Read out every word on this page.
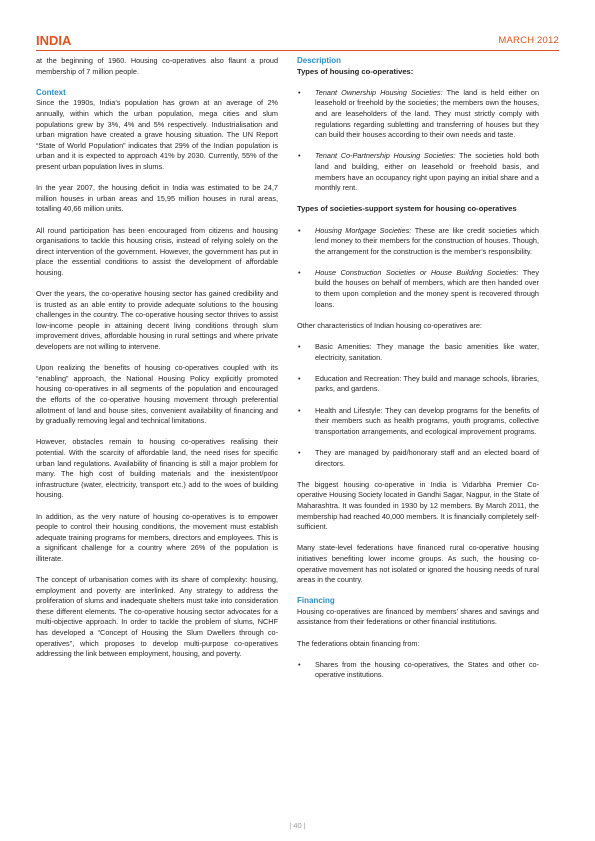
INDIA	MARCH 2012

at the beginning of 1960. Housing co-operatives also flaunt a proud membership of 7 million people.

Context

Since the 1990s, India’s population has grown at an average of 2% annually, within which the urban population, mega cities and slum populations grew by 3%, 4% and 5% respectively. Industrialisation and urban migration have created a grave housing situation. The UN Report “State of World Population” indicates that 29% of the Indian population is urban and it is expected to approach 41% by 2030. Currently, 55% of the present urban population lives in slums.

In the year 2007, the housing deficit in India was estimated to be 24,7 million houses in urban areas and 15,95 million houses in rural areas, totalling 40,66 million units.

All round participation has been encouraged from citizens and housing organisations to tackle this housing crisis, instead of relying solely on the direct intervention of the government. However, the government has put in place the essential conditions to assist the development of affordable housing.

Over the years, the co-operative housing sector has gained credibility and is trusted as an able entity to provide adequate solutions to the housing challenges in the country. The co-operative housing sector thrives to assist low-income people in attaining decent living conditions through slum improvement drives, affordable housing in rural settings and where private developers are not willing to intervene.

Upon realizing the benefits of housing co-operatives coupled with its “enabling” approach, the National Housing Policy explicitly promoted housing co-operatives in all segments of the population and encouraged the efforts of the co-operative housing movement through preferential allotment of land and house sites, convenient availability of financing and by gradually removing legal and technical limitations.

However, obstacles remain to housing co-operatives realising their potential. With the scarcity of affordable land, the need rises for specific urban land regulations. Availability of financing is still a major problem for many. The high cost of building materials and the inexistent/poor infrastructure (water, electricity, transport etc.) add to the woes of building housing.

In addition, as the very nature of housing co-operatives is to empower people to control their housing conditions, the movement must establish adequate training programs for members, directors and employees. This is a significant challenge for a country where 26% of the population is illiterate.

The concept of urbanisation comes with its share of complexity: housing, employment and poverty are interlinked. Any strategy to address the proliferation of slums and inadequate shelters must take into consideration these different elements. The co-operative housing sector advocates for a multi-objective approach. In order to tackle the problem of slums, NCHF has developed a “Concept of Housing the Slum Dwellers through co-operatives”, which proposes to develop multi-purpose co-operatives addressing the link between employment, housing, and poverty.

Description
Types of housing co-operatives:
• Tenant Ownership Housing Societies: The land is held either on leasehold or freehold by the societies; the members own the houses, and are leaseholders of the land. They must strictly comply with regulations regarding subletting and transferring of houses but they can build their houses according to their own needs and taste.
• Tenant Co-Partnership Housing Societies: The societies hold both land and building, either on leasehold or freehold basis, and members have an occupancy right upon paying an initial share and a monthly rent.
Types of societies-support system for housing co-operatives
• Housing Mortgage Societies: These are like credit societies which lend money to their members for the construction of houses. Though, the arrangement for the construction is the member’s responsibility.
• House Construction Societies or House Building Societies: They build the houses on behalf of members, which are then handed over to them upon completion and the money spent is recovered through loans.

Other characteristics of Indian housing co-operatives are:

• Basic Amenities: They manage the basic amenities like water, electricity, sanitation.
• Education and Recreation: They build and manage schools, libraries, parks, and gardens.
• Health and Lifestyle: They can develop programs for the benefits of their members such as health programs, youth programs, collective transportation arrangements, and ecological improvement programs.
• They are managed by paid/honorary staff and an elected board of directors.

The biggest housing co-operative in India is Vidarbha Premier Co-operative Housing Society located in Gandhi Sagar, Nagpur, in the State of Maharashtra. It was founded in 1930 by 12 members. By March 2011, the membership had reached 40,000 members. It is financially completely self-sufficient.

Many state-level federations have financed rural co-operative housing initiatives benefiting lower income groups. As such, the housing co-operative movement has not isolated or ignored the housing needs of rural areas in the country.

Financing

Housing co-operatives are financed by members’ shares and savings and assistance from their federations or other financial institutions.

The federations obtain financing from:

• Shares from the housing co-operatives, the States and other co-operative institutions.
| 40 |
